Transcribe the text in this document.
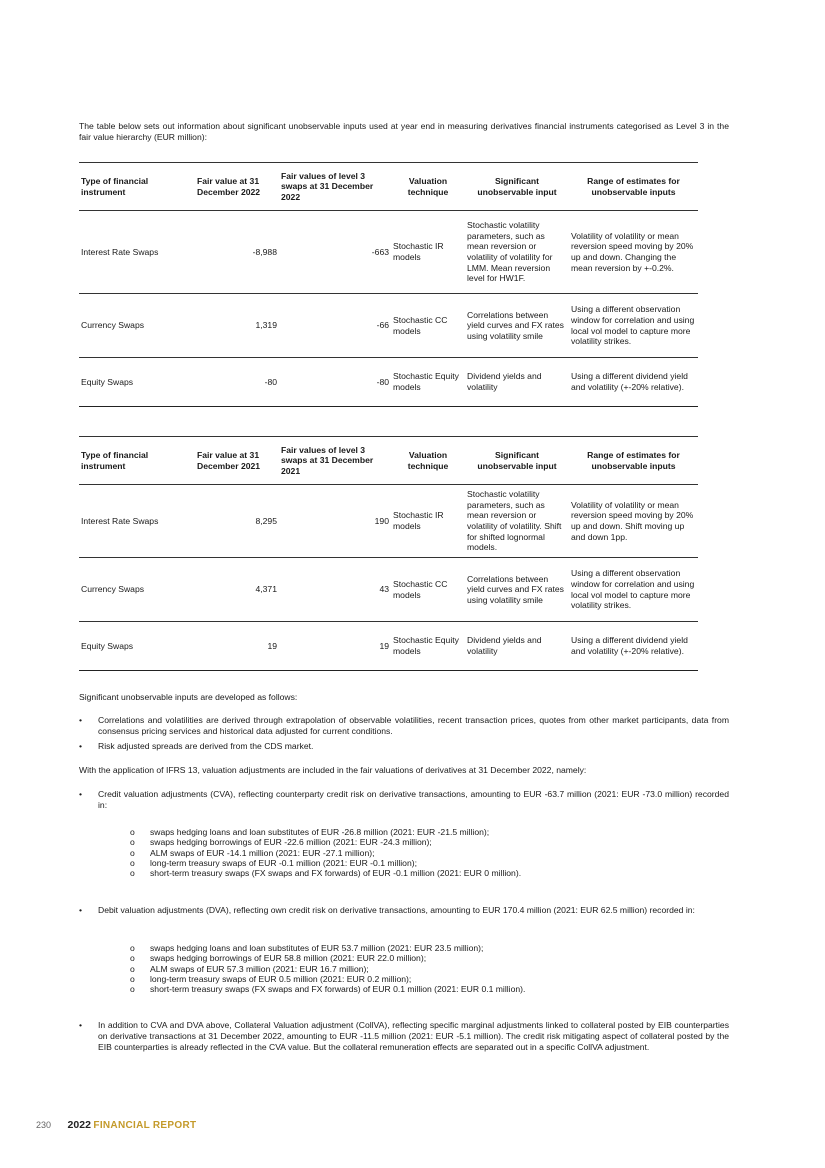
The table below sets out information about significant unobservable inputs used at year end in measuring derivatives financial instruments categorised as Level 3 in the fair value hierarchy (EUR million):
Type of financial instrument	Fair value at 31 December 2022	Fair values of level 3 swaps at 31 December 2022	Valuation technique	Significant unobservable input	Range of estimates for unobservable inputs
Interest Rate Swaps	-8,988	-663	Stochastic IR models	Stochastic volatility parameters, such as mean reversion or volatility of volatility for LMM. Mean reversion level for HW1F.	Volatility of volatility or mean reversion speed moving by 20% up and down. Changing the mean reversion by +-0.2%.
Currency Swaps	1,319	-66	Stochastic CC models	Correlations between yield curves and FX rates using volatility smile	Using a different observation window for correlation and using local vol model to capture more volatility strikes.
Equity Swaps	-80	-80	Stochastic Equity models	Dividend yields and volatility	Using a different dividend yield and volatility (+-20% relative).
Type of financial instrument	Fair value at 31 December 2021	Fair values of level 3 swaps at 31 December 2021	Valuation technique	Significant unobservable input	Range of estimates for unobservable inputs
Interest Rate Swaps	8,295	190	Stochastic IR models	Stochastic volatility parameters, such as mean reversion or volatility of volatility. Shift for shifted lognormal models.	Volatility of volatility or mean reversion speed moving by 20% up and down. Shift moving up and down 1pp.
Currency Swaps	4,371	43	Stochastic CC models	Correlations between yield curves and FX rates using volatility smile	Using a different observation window for correlation and using local vol model to capture more volatility strikes.
Equity Swaps	19	19	Stochastic Equity models	Dividend yields and volatility	Using a different dividend yield and volatility (+-20% relative).
Significant unobservable inputs are developed as follows:
• Correlations and volatilities are derived through extrapolation of observable volatilities, recent transaction prices, quotes from other market participants, data from consensus pricing services and historical data adjusted for current conditions.
• Risk adjusted spreads are derived from the CDS market.
With the application of IFRS 13, valuation adjustments are included in the fair valuations of derivatives at 31 December 2022, namely:
• Credit valuation adjustments (CVA), reflecting counterparty credit risk on derivative transactions, amounting to EUR -63.7 million (2021: EUR -73.0 million) recorded in:
o swaps hedging loans and loan substitutes of EUR -26.8 million (2021: EUR -21.5 million);
o swaps hedging borrowings of EUR -22.6 million (2021: EUR -24.3 million);
o ALM swaps of EUR -14.1 million (2021: EUR -27.1 million);
o long-term treasury swaps of EUR -0.1 million (2021: EUR -0.1 million);
o short-term treasury swaps (FX swaps and FX forwards) of EUR -0.1 million (2021: EUR 0 million).
• Debit valuation adjustments (DVA), reflecting own credit risk on derivative transactions, amounting to EUR 170.4 million (2021: EUR 62.5 million) recorded in:
o swaps hedging loans and loan substitutes of EUR 53.7 million (2021: EUR 23.5 million);
o swaps hedging borrowings of EUR 58.8 million (2021: EUR 22.0 million);
o ALM swaps of EUR 57.3 million (2021: EUR 16.7 million);
o long-term treasury swaps of EUR 0.5 million (2021: EUR 0.2 million);
o short-term treasury swaps (FX swaps and FX forwards) of EUR 0.1 million (2021: EUR 0.1 million).
• In addition to CVA and DVA above, Collateral Valuation adjustment (CollVA), reflecting specific marginal adjustments linked to collateral posted by EIB counterparties on derivative transactions at 31 December 2022, amounting to EUR -11.5 million (2021: EUR -5.1 million). The credit risk mitigating aspect of collateral posted by the EIB counterparties is already reflected in the CVA value. But the collateral remuneration effects are separated out in a specific CollVA adjustment.
230 2022 FINANCIAL REPORT
